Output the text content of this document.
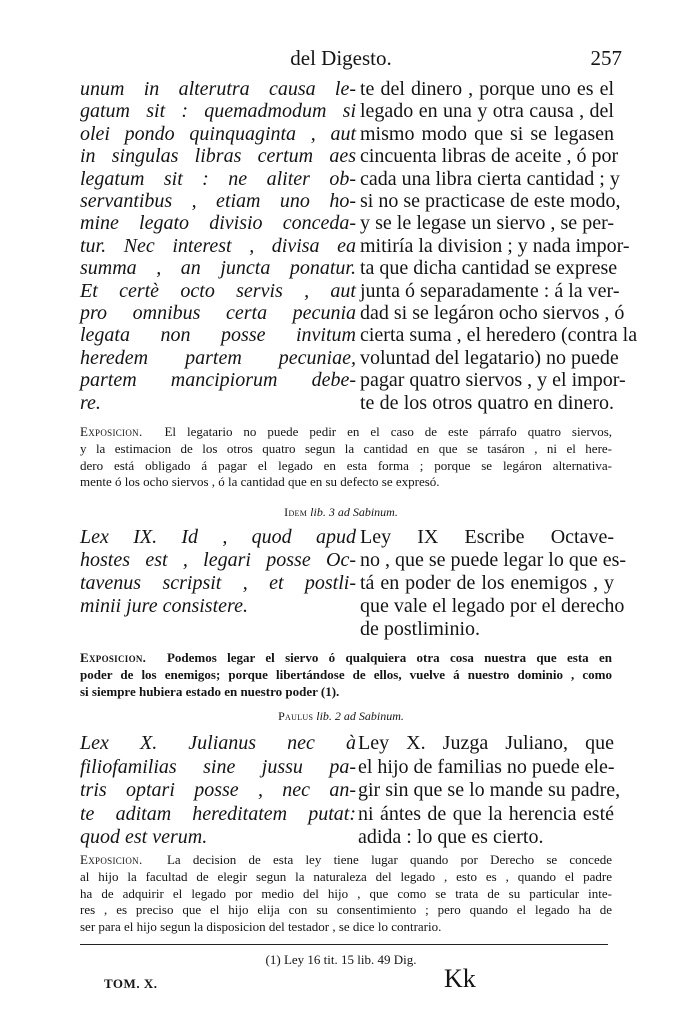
del Digesto.	257
unum in alterutra causa le-
gatum sit : quemadmodum si
olei pondo quinquaginta , aut
in singulas libras certum aes
legatum sit : ne aliter ob-
servantibus , etiam uno ho-
mine legato divisio conceda-
tur. Nec interest , divisa ea
summa , an juncta ponatur.
Et certè octo servis , aut
pro omnibus certa pecunia
legata non posse invitum
heredem partem pecuniae,
partem mancipiorum debe-
re.
te del dinero , porque uno es el
legado en una y otra causa , del
mismo modo que si se legasen
cincuenta libras de aceite , ó por
cada una libra cierta cantidad ; y
si no se practicase de este modo,
y se le legase un siervo , se per-
mitiría la division ; y nada impor-
ta que dicha cantidad se exprese
junta ó separadamente : á la ver-
dad si se legáron ocho siervos , ó
cierta suma , el heredero (contra la
voluntad del legatario) no puede
pagar quatro siervos , y el impor-
te de los otros quatro en dinero.
Exposicion. El legatario no puede pedir en el caso de este párrafo quatro siervos,
y la estimacion de los otros quatro segun la cantidad en que se tasáron , ni el here-
dero está obligado á pagar el legado en esta forma ; porque se legáron alternativa-
mente ó los ocho siervos , ó la cantidad que en su defecto se expresó.
Idem lib. 3 ad Sabinum.
Lex IX. Id , quod apud
hostes est , legari posse Oc-
tavenus scripsit , et postli-
minii jure consistere.
Ley IX Escribe Octave-
no , que se puede legar lo que es-
tá en poder de los enemigos , y
que vale el legado por el derecho
de postliminio.
Exposicion. Podemos legar el siervo ó qualquiera otra cosa nuestra que esta en
poder de los enemigos; porque libertándose de ellos, vuelve á nuestro dominio , como
si siempre hubiera estado en nuestro poder (1).
Paulus lib. 2 ad Sabinum.
Lex X. Julianus nec à
filiofamilias sine jussu pa-
tris optari posse , nec an-
te aditam hereditatem putat:
quod est verum.
Ley X. Juzga Juliano, que
el hijo de familias no puede ele-
gir sin que se lo mande su padre,
ni ántes de que la herencia esté
adida : lo que es cierto.
Exposicion. La decision de esta ley tiene lugar quando por Derecho se concede
al hijo la facultad de elegir segun la naturaleza del legado , esto es , quando el padre
ha de adquirir el legado por medio del hijo , que como se trata de su particular inte-
res , es preciso que el hijo elija con su consentimiento ; pero quando el legado ha de
ser para el hijo segun la disposicion del testador , se dice lo contrario.
(1) Ley 16 tit. 15 lib. 49 Dig.
TOM. X.	Kk
